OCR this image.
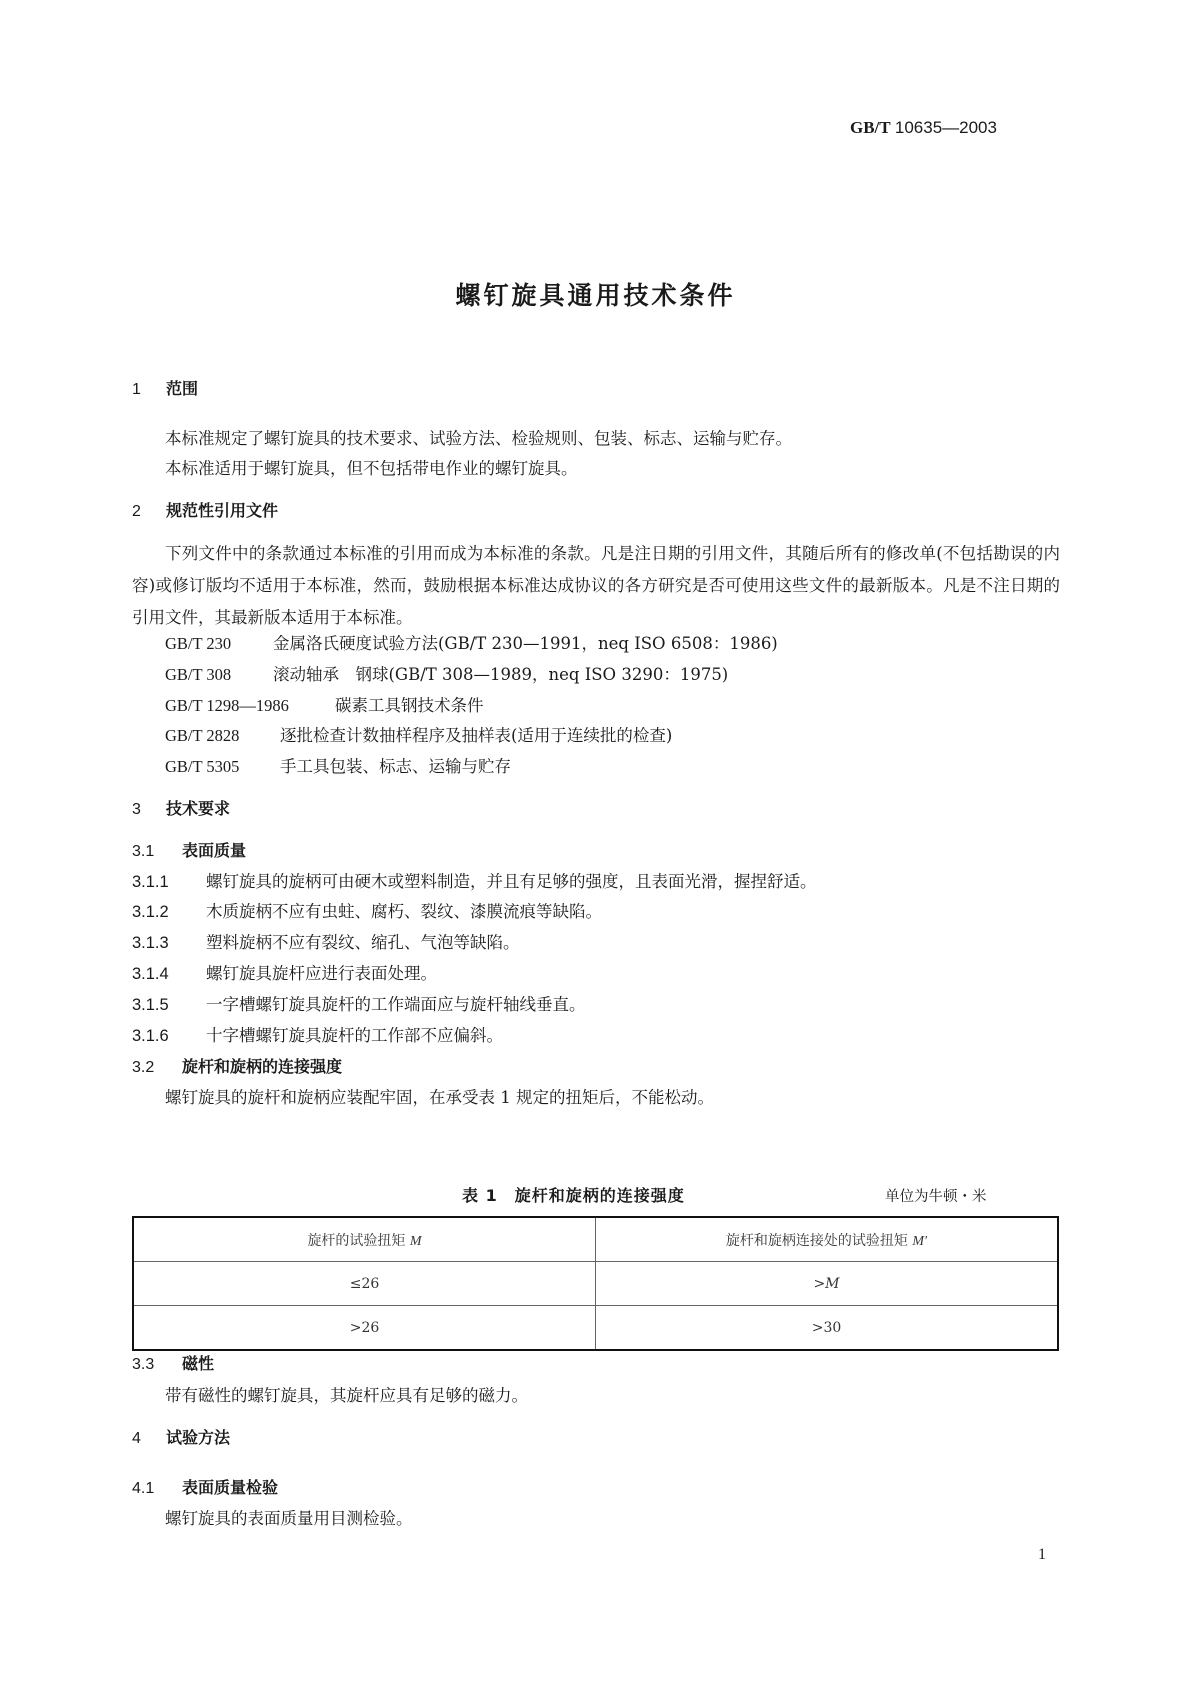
GB/T 10635—2003
螺钉旋具通用技术条件
1 范围
本标准规定了螺钉旋具的技术要求、试验方法、检验规则、包装、标志、运输与贮存。
本标准适用于螺钉旋具，但不包括带电作业的螺钉旋具。
2 规范性引用文件
下列文件中的条款通过本标准的引用而成为本标准的条款。凡是注日期的引用文件，其随后所有的修改单(不包括勘误的内容)或修订版均不适用于本标准，然而，鼓励根据本标准达成协议的各方研究是否可使用这些文件的最新版本。凡是不注日期的引用文件，其最新版本适用于本标准。
GB/T 230	金属洛氏硬度试验方法(GB/T 230—1991，neq ISO 6508：1986)
GB/T 308	滚动轴承　钢球(GB/T 308—1989，neq ISO 3290：1975)
GB/T 1298—1986	碳素工具钢技术条件
GB/T 2828 逐批检查计数抽样程序及抽样表(适用于连续批的检查)
GB/T 5305 手工具包装、标志、运输与贮存
3 技术要求
3.1 表面质量
3.1.1 螺钉旋具的旋柄可由硬木或塑料制造，并且有足够的强度，且表面光滑，握捏舒适。
3.1.2 木质旋柄不应有虫蛀、腐朽、裂纹、漆膜流痕等缺陷。
3.1.3 塑料旋柄不应有裂纹、缩孔、气泡等缺陷。
3.1.4 螺钉旋具旋杆应进行表面处理。
3.1.5 一字槽螺钉旋具旋杆的工作端面应与旋杆轴线垂直。
3.1.6 十字槽螺钉旋具旋杆的工作部不应偏斜。
3.2 旋杆和旋柄的连接强度
螺钉旋具的旋杆和旋柄应装配牢固，在承受表 1 规定的扭矩后，不能松动。
表 1　旋杆和旋柄的连接强度	单位为牛顿・米
旋杆的试验扭矩 M	旋杆和旋柄连接处的试验扭矩 M′
≤26	>M
>26	>30
3.3 磁性
带有磁性的螺钉旋具，其旋杆应具有足够的磁力。
4 试验方法
4.1 表面质量检验
螺钉旋具的表面质量用目测检验。
1
